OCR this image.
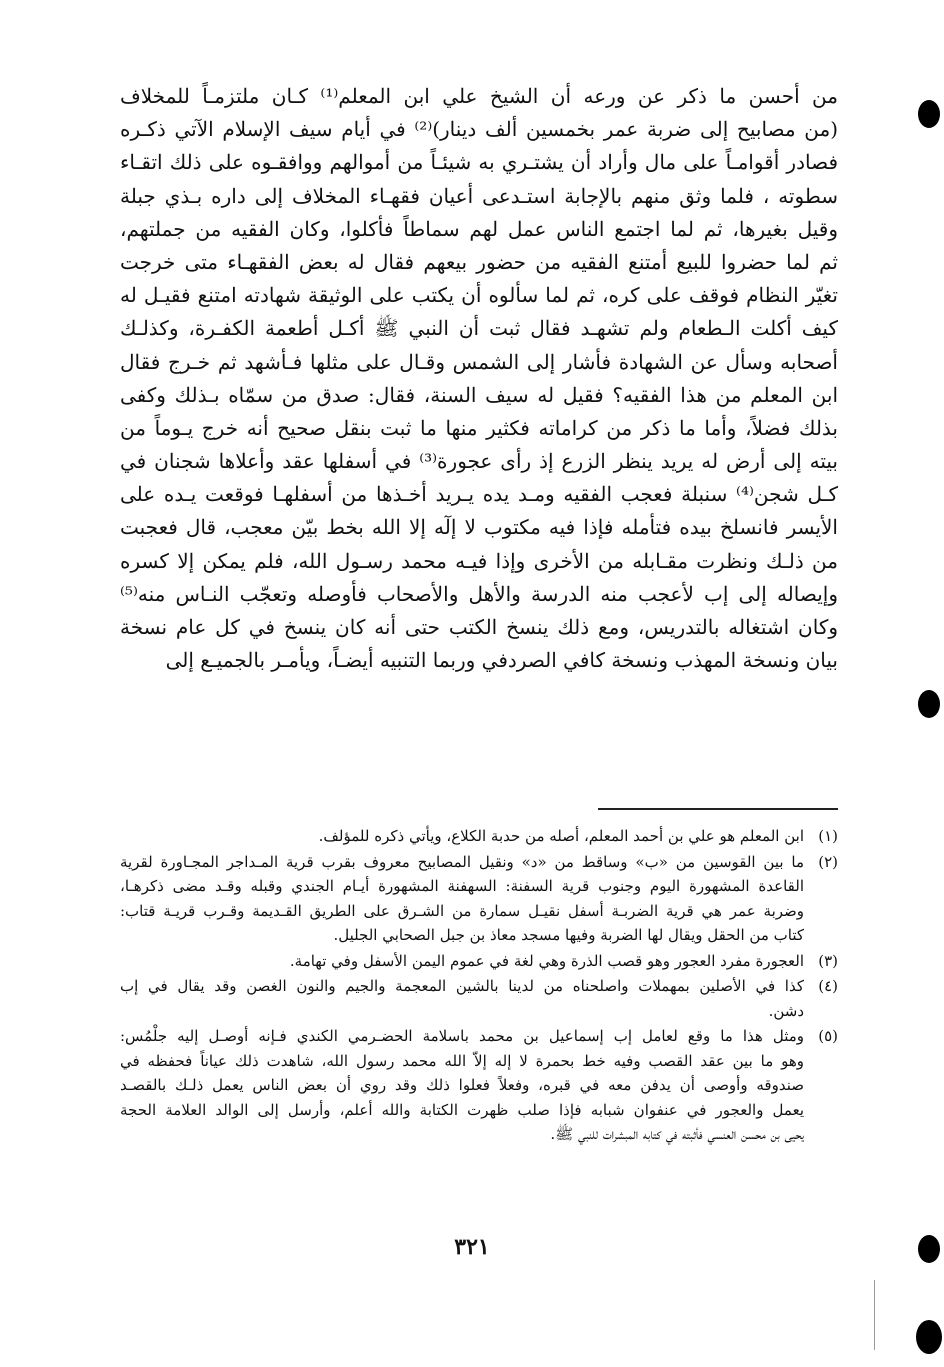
من أحسن ما ذكر عن ورعه أن الشيخ علي ابن المعلم⁽¹⁾ كـان ملتزمـاً للمخلاف
(من مصابيح إلى ضربة عمر بخمسين ألف دينار)⁽²⁾ في أيام سيف الإسلام الآتي ذكـره
فصادر أقوامـاً على مال وأراد أن يشتـري به شيئـاً من أموالهم ووافقـوه على ذلك اتقـاء
سطوته ، فلما وثق منهم بالإجابة استـدعى أعيان فقهـاء المخلاف إلى داره بـذي جبلة
وقيل بغيرها، ثم لما اجتمع الناس عمل لهم سماطاً فأكلوا، وكان الفقيه من جملتهم،
ثم لما حضروا للبيع أمتنع الفقيه من حضور بيعهم فقال له بعض الفقهـاء متى خرجت
تغيّر النظام فوقف على كره، ثم لما سألوه أن يكتب على الوثيقة شهادته امتنع فقيـل له
كيف أكلت الـطعام ولم تشهـد فقال ثبت أن النبي ﷺ أكـل أطعمة الكفـرة، وكذلـك
أصحابه وسأل عن الشهادة فأشار إلى الشمس وقـال على مثلها فـأشهد ثم خـرج فقال
ابن المعلم من هذا الفقيه؟ فقيل له سيف السنة، فقال: صدق من سمّاه بـذلك وكفى
بذلك فضلاً، وأما ما ذكر من كراماته فكثير منها ما ثبت بنقل صحيح أنه خرج يـوماً من
بيته إلى أرض له يريد ينظر الزرع إذ رأى عجورة⁽³⁾ في أسفلها عقد وأعلاها شجنان في
كـل شجن⁽⁴⁾ سنبلة فعجب الفقيه ومـد يده يـريد أخـذها من أسفلهـا فوقعت يـده على
الأيسر فانسلخ بيده فتأمله فإذا فيه مكتوب لا إلٓه إلا الله بخط بيّن معجب، قال فعجبت
من ذلـك ونظرت مقـابله من الأخرى وإذا فيـه محمد رسـول الله، فلم يمكن إلا كسره
وإيصاله إلى إب لأعجب منه الدرسة والأهل والأصحاب فأوصله وتعجّب النـاس منه⁽⁵⁾
وكان اشتغاله بالتدريس، ومع ذلك ينسخ الكتب حتى أنه كان ينسخ في كل عام نسخة
بيان ونسخة المهذب ونسخة كافي الصردفي وربما التنبيه أيضـاً، ويأمـر بالجميـع إلى
(١)
ابن المعلم هو علي بن أحمد المعلم، أصله من حدبة الكلاع، ويأتي ذكره للمؤلف.
(٢)
ما بين القوسين من «ب» وساقط من «د» ونقيل المصابيح معروف بقرب قرية المـداجر المجـاورة لقرية
القاعدة المشهورة اليوم وجنوب قرية السفنة: السهفنة المشهورة أيـام الجندي وقبله وقـد مضى ذكرهـا،
وضربة عمر هي قرية الضربـة أسفل نقيـل سمارة من الشـرق على الطريق القـديمة وقـرب قريـة قتاب:
كتاب من الحقل ويقال لها الضربة وفيها مسجد معاذ بن جبل الصحابي الجليل.
(٣)
العجورة مفرد العجور وهو قصب الذرة وهي لغة في عموم اليمن الأسفل وفي تهامة.
(٤)
كذا في الأصلين بمهملات واصلحناه من لدينا بالشين المعجمة والجيم والنون الغصن وقد يقال في إب
دشن.
(٥)
ومثل هذا ما وقع لعامل إب إسماعيل بن محمد باسلامة الحضـرمي الكندي فـإنه أوصـل إليه جلْمُس:
وهو ما بين عقد القصب وفيه خط بحمرة لا إله إلاّ الله محمد رسول الله، شاهدت ذلك عياناً فحفظه في
صندوقه وأوصى أن يدفن معه في قبره، وفعلاً فعلوا ذلك وقد روي أن بعض الناس يعمل ذلـك بالقصـد
يعمل والعجور في عنفوان شبابه فإذا صلب ظهرت الكتابة والله أعلم، وأرسل إلى الوالد العلامة الحجة
يحيى بن محسن العنسي فأثبته في كتابه المبشرات للنبي ﷺ.
٣٢١
